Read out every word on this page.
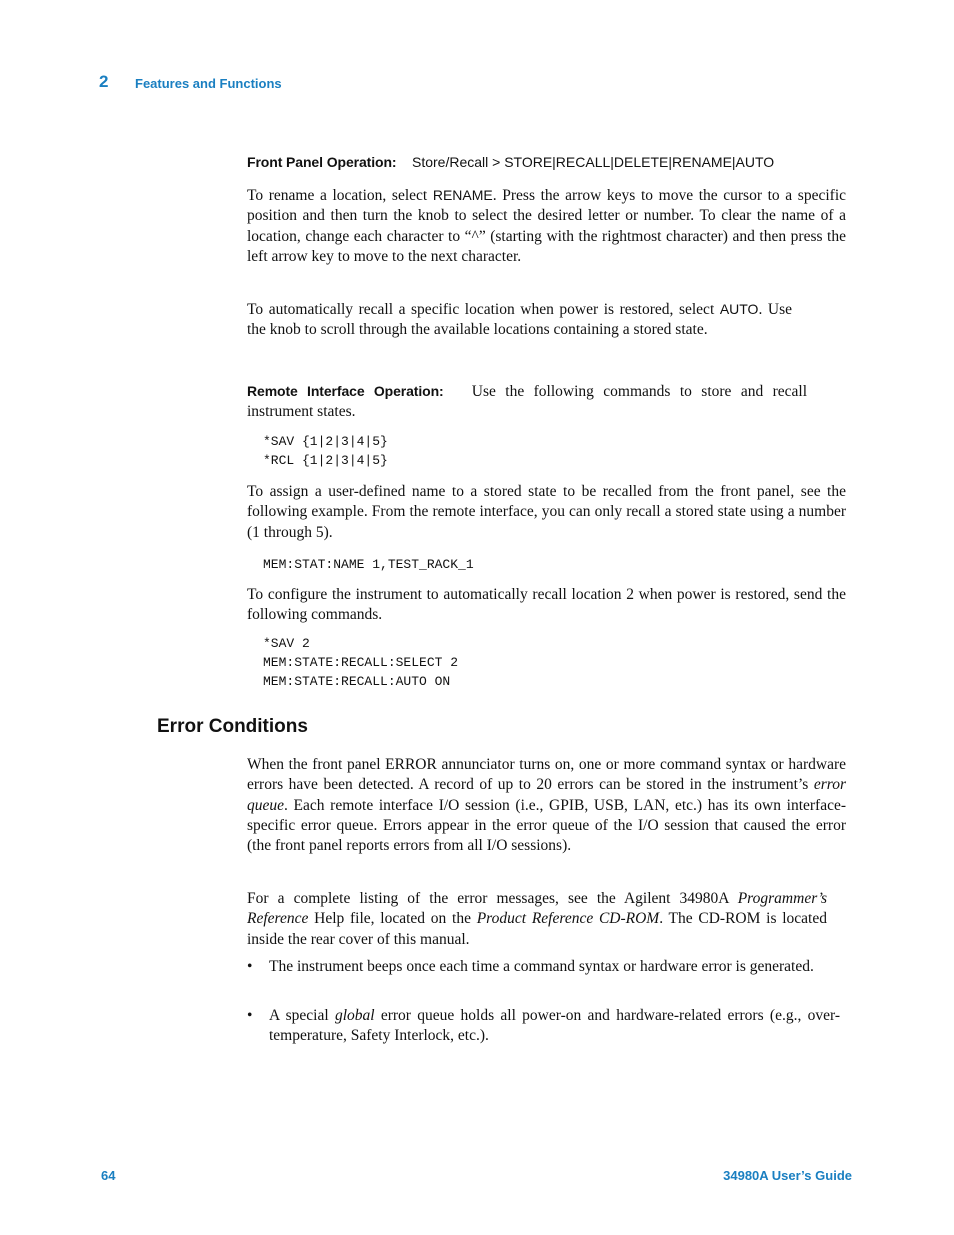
2 Features and Functions
Front Panel Operation: Store/Recall > STORE|RECALL|DELETE|RENAME|AUTO
To rename a location, select RENAME. Press the arrow keys to move the cursor to a specific position and then turn the knob to select the desired letter or number. To clear the name of a location, change each character to “^” (starting with the rightmost character) and then press the left arrow key to move to the next character.
To automatically recall a specific location when power is restored, select AUTO. Use the knob to scroll through the available locations containing a stored state.
Remote Interface Operation: Use the following commands to store and recall instrument states.
*SAV {1|2|3|4|5}
*RCL {1|2|3|4|5}
To assign a user-defined name to a stored state to be recalled from the front panel, see the following example. From the remote interface, you can only recall a stored state using a number (1 through 5).
MEM:STAT:NAME 1,TEST_RACK_1
To configure the instrument to automatically recall location 2 when power is restored, send the following commands.
*SAV 2
MEM:STATE:RECALL:SELECT 2
MEM:STATE:RECALL:AUTO ON
Error Conditions
When the front panel ERROR annunciator turns on, one or more command syntax or hardware errors have been detected. A record of up to 20 errors can be stored in the instrument’s error queue. Each remote interface I/O session (i.e., GPIB, USB, LAN, etc.) has its own interface-specific error queue. Errors appear in the error queue of the I/O session that caused the error (the front panel reports errors from all I/O sessions).
For a complete listing of the error messages, see the Agilent 34980A Programmer’s Reference Help file, located on the Product Reference CD-ROM. The CD-ROM is located inside the rear cover of this manual.
• The instrument beeps once each time a command syntax or hardware error is generated.
• A special global error queue holds all power-on and hardware-related errors (e.g., over-temperature, Safety Interlock, etc.).
64	34980A User’s Guide
